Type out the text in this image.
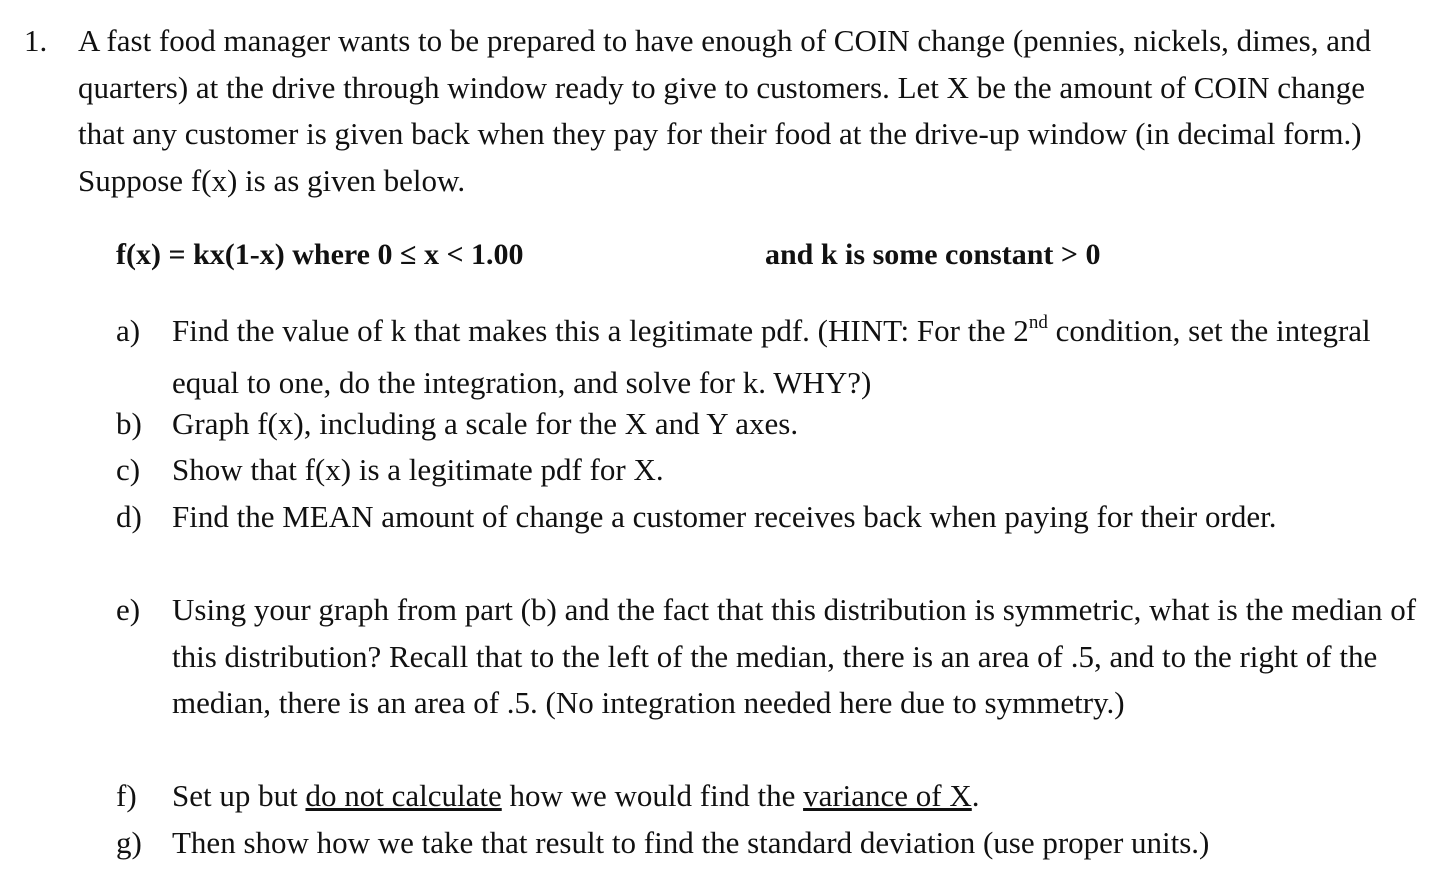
1. A fast food manager wants to be prepared to have enough of COIN change (pennies, nickels, dimes, and quarters) at the drive through window ready to give to customers. Let X be the amount of COIN change that any customer is given back when they pay for their food at the drive-up window (in decimal form.) Suppose f(x) is as given below.
f(x) = kx(1-x) where 0 ≤ x < 1.00	and k is some constant > 0
a) Find the value of k that makes this a legitimate pdf. (HINT: For the 2nd condition, set the integral equal to one, do the integration, and solve for k. WHY?)
b) Graph f(x), including a scale for the X and Y axes.
c) Show that f(x) is a legitimate pdf for X.
d) Find the MEAN amount of change a customer receives back when paying for their order.
e) Using your graph from part (b) and the fact that this distribution is symmetric, what is the median of this distribution? Recall that to the left of the median, there is an area of .5, and to the right of the median, there is an area of .5. (No integration needed here due to symmetry.)
f) Set up but do not calculate how we would find the variance of X.
g) Then show how we take that result to find the standard deviation (use proper units.)
